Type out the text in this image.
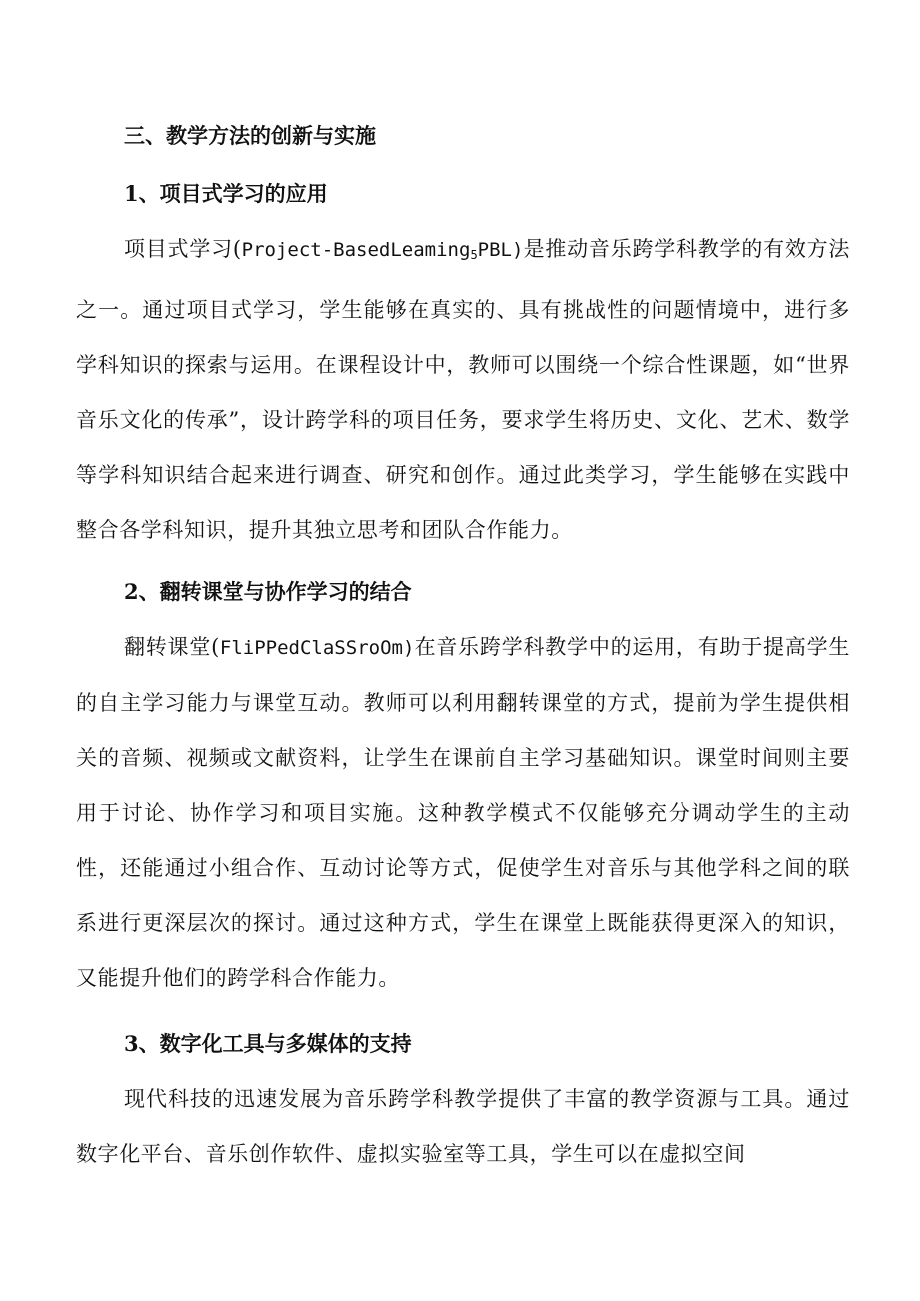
三、教学方法的创新与实施
1、项目式学习的应用

项目式学习(Project-BasedLeaming$_5$PBL)是推动音乐跨学科教学的有效方法之一。通过项目式学习，学生能够在真实的、具有挑战性的问题情境中，进行多学科知识的探索与运用。在课程设计中，教师可以围绕一个综合性课题，如“世界音乐文化的传承”，设计跨学科的项目任务，要求学生将历史、文化、艺术、数学等学科知识结合起来进行调查、研究和创作。通过此类学习，学生能够在实践中整合各学科知识，提升其独立思考和团队合作能力。

2、翻转课堂与协作学习的结合

翻转课堂(FliPPedClaSSroOm)在音乐跨学科教学中的运用，有助于提高学生的自主学习能力与课堂互动。教师可以利用翻转课堂的方式，提前为学生提供相关的音频、视频或文献资料，让学生在课前自主学习基础知识。课堂时间则主要用于讨论、协作学习和项目实施。这种教学模式不仅能够充分调动学生的主动性，还能通过小组合作、互动讨论等方式，促使学生对音乐与其他学科之间的联系进行更深层次的探讨。通过这种方式，学生在课堂上既能获得更深入的知识，又能提升他们的跨学科合作能力。

3、数字化工具与多媒体的支持

现代科技的迅速发展为音乐跨学科教学提供了丰富的教学资源与工具。通过数字化平台、音乐创作软件、虚拟实验室等工具，学生可以在虚拟空间
